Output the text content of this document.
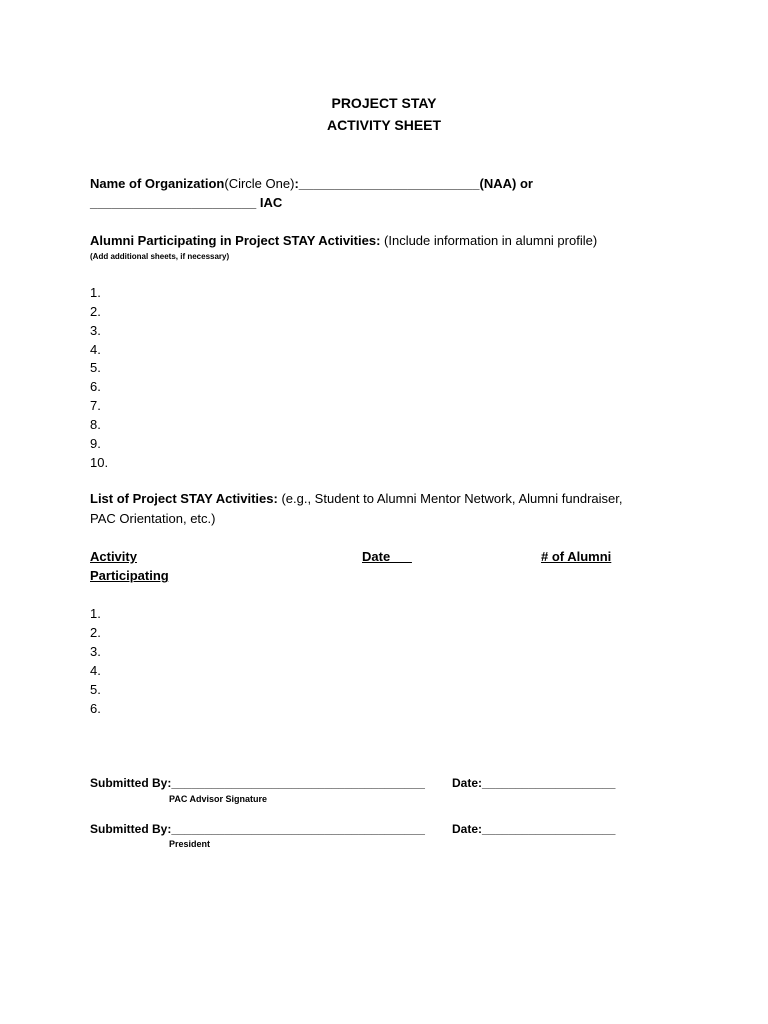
PROJECT STAY
ACTIVITY SHEET
Name of Organization(Circle One):_________________________(NAA) or
_______________________ IAC
Alumni Participating in Project STAY Activities: (Include information in alumni profile)
(Add additional sheets, if necessary)
1.
2.
3.
4.
5.
6.
7.
8.
9.
10.
List of Project STAY Activities: (e.g., Student to Alumni Mentor Network, Alumni fundraiser,
PAC Orientation, etc.)
Activity	Date___	# of Alumni
Participating
1.
2.
3.
4.
5.
6.
Submitted By:______________________________________ Date:____________________
PAC Advisor Signature
Submitted By:______________________________________ Date:____________________
President
